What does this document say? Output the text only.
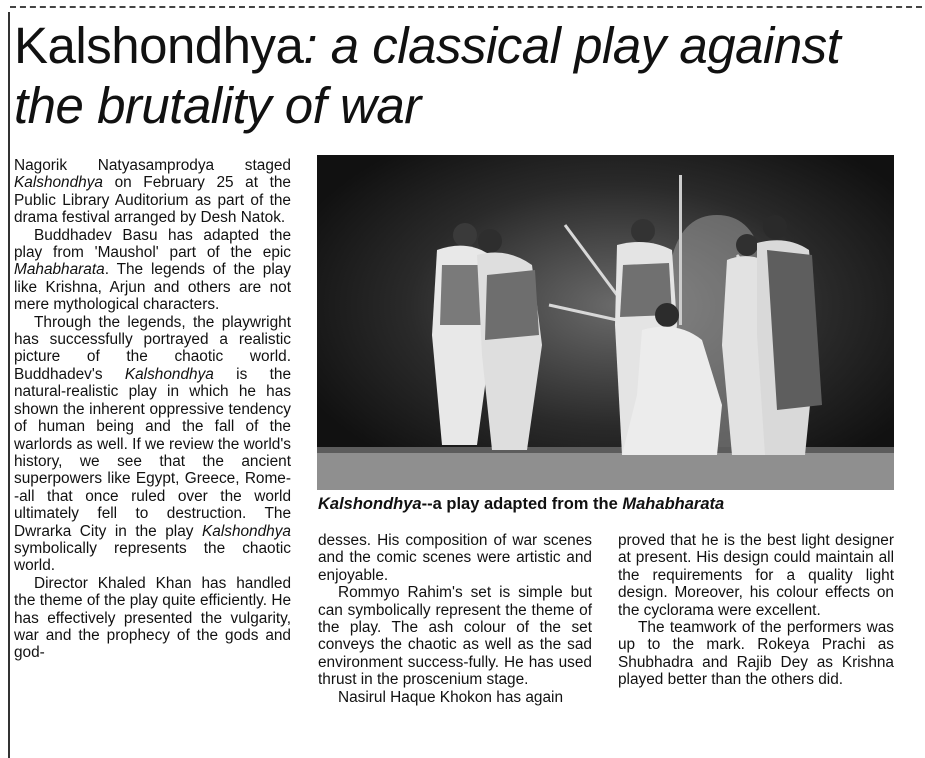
Kalshondhya: a classical play against the brutality of war

Nagorik Natyasamprodya staged Kalshondhya on February 25 at the Public Library Auditorium as part of the drama festival arranged by Desh Natok.

Buddhadev Basu has adapted the play from 'Maushol' part of the epic Mahabharata. The legends of the play like Krishna, Arjun and others are not mere mythological characters.

Through the legends, the playwright has successfully portrayed a realistic picture of the chaotic world. Buddhadev's Kalshondhya is the natural-realistic play in which he has shown the inherent oppressive tendency of human being and the fall of the warlords as well. If we review the world's history, we see that the ancient superpowers like Egypt, Greece, Rome--all that once ruled over the world ultimately fell to destruction. The Dwrarka City in the play Kalshondhya symbolically represents the chaotic world.

Director Khaled Khan has handled the theme of the play quite efficiently. He has effectively presented the vulgarity, war and the prophecy of the gods and god-

Kalshondhya--a play adapted from the Mahabharata

desses. His composition of war scenes and the comic scenes were artistic and enjoyable.

Rommyo Rahim's set is simple but can symbolically represent the theme of the play. The ash colour of the set conveys the chaotic as well as the sad environment success-fully. He has used thrust in the proscenium stage.

Nasirul Haque Khokon has again

proved that he is the best light designer at present. His design could maintain all the requirements for a quality light design. Moreover, his colour effects on the cyclorama were excellent.

The teamwork of the performers was up to the mark. Rokeya Prachi as Shubhadra and Rajib Dey as Krishna played better than the others did.
